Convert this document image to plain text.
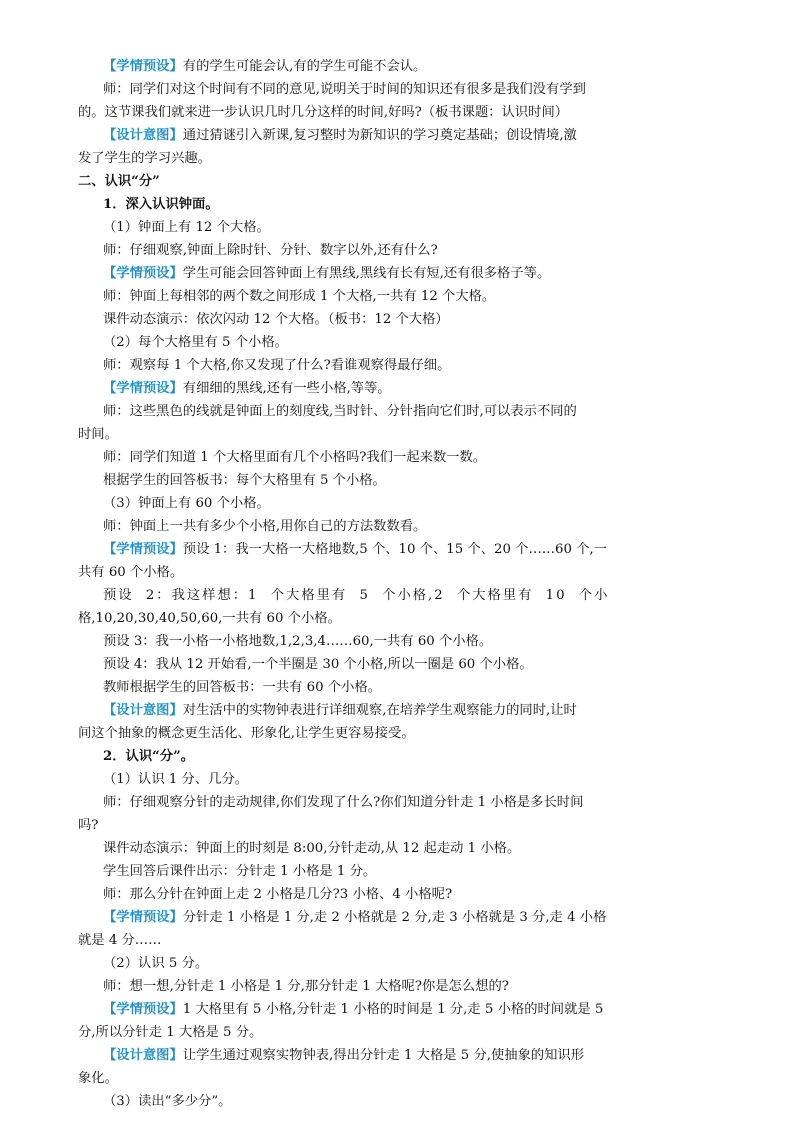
【学情预设】有的学生可能会认,有的学生可能不会认。
师：同学们对这个时间有不同的意见,说明关于时间的知识还有很多是我们没有学到
的。这节课我们就来进一步认识几时几分这样的时间,好吗?（板书课题：认识时间）
【设计意图】通过猜谜引入新课,复习整时为新知识的学习奠定基础；创设情境,激
发了学生的学习兴趣。
二、认识“分”
1．深入认识钟面。
（1）钟面上有 12 个大格。
师：仔细观察,钟面上除时针、分针、数字以外,还有什么?
【学情预设】学生可能会回答钟面上有黑线,黑线有长有短,还有很多格子等。
师：钟面上每相邻的两个数之间形成 1 个大格,一共有 12 个大格。
课件动态演示：依次闪动 12 个大格。（板书：12 个大格）
（2）每个大格里有 5 个小格。
师：观察每 1 个大格,你又发现了什么?看谁观察得最仔细。
【学情预设】有细细的黑线,还有一些小格,等等。
师：这些黑色的线就是钟面上的刻度线,当时针、分针指向它们时,可以表示不同的
时间。
师：同学们知道 1 个大格里面有几个小格吗?我们一起来数一数。
根据学生的回答板书：每个大格里有 5 个小格。
（3）钟面上有 60 个小格。
师：钟面上一共有多少个小格,用你自己的方法数数看。
【学情预设】预设 1：我一大格一大格地数,5 个、10 个、15 个、20 个……60 个,一
共有 60 个小格。
预设 2：我这样想：1 个大格里有 5 个小格,2 个大格里有 10 个小
格,10,20,30,40,50,60,一共有 60 个小格。
预设 3：我一小格一小格地数,1,2,3,4……60,一共有 60 个小格。
预设 4：我从 12 开始看,一个半圈是 30 个小格,所以一圈是 60 个小格。
教师根据学生的回答板书：一共有 60 个小格。
【设计意图】对生活中的实物钟表进行详细观察,在培养学生观察能力的同时,让时
间这个抽象的概念更生活化、形象化,让学生更容易接受。
2．认识“分”。
（1）认识 1 分、几分。
师：仔细观察分针的走动规律,你们发现了什么?你们知道分针走 1 小格是多长时间
吗?
课件动态演示：钟面上的时刻是 8:00,分针走动,从 12 起走动 1 小格。
学生回答后课件出示：分针走 1 小格是 1 分。
师：那么分针在钟面上走 2 小格是几分?3 小格、4 小格呢?
【学情预设】分针走 1 小格是 1 分,走 2 小格就是 2 分,走 3 小格就是 3 分,走 4 小格
就是 4 分……
（2）认识 5 分。
师：想一想,分针走 1 小格是 1 分,那分针走 1 大格呢?你是怎么想的?
【学情预设】1 大格里有 5 小格,分针走 1 小格的时间是 1 分,走 5 小格的时间就是 5
分,所以分针走 1 大格是 5 分。
【设计意图】让学生通过观察实物钟表,得出分针走 1 大格是 5 分,使抽象的知识形
象化。
（3）读出“多少分”。
